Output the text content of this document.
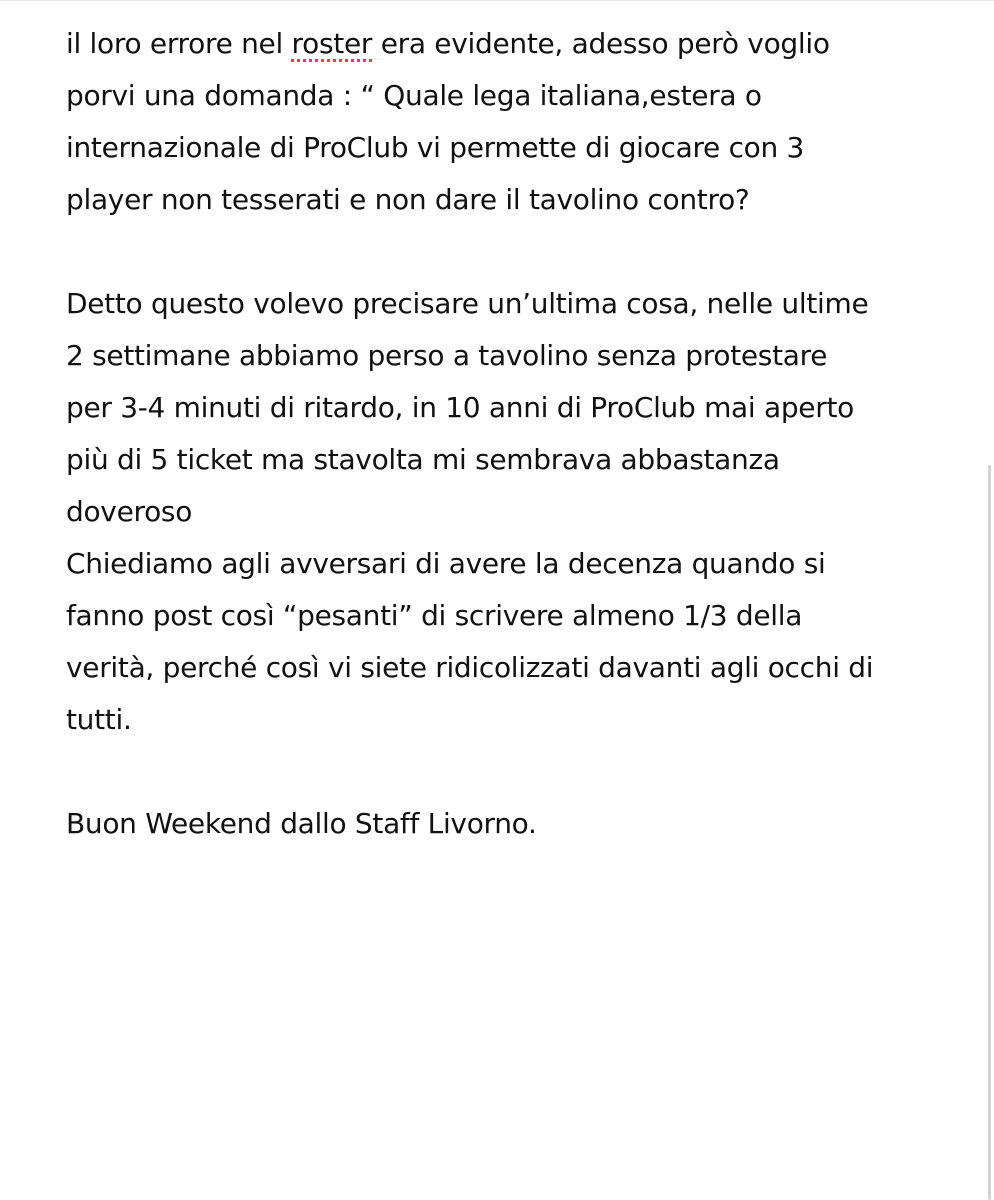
il loro errore nel roster era evidente, adesso però voglio
porvi una domanda : “ Quale lega italiana,estera o
internazionale di ProClub vi permette di giocare con 3
player non tesserati e non dare il tavolino contro?
Detto questo volevo precisare un’ultima cosa, nelle ultime
2 settimane abbiamo perso a tavolino senza protestare
per 3-4 minuti di ritardo, in 10 anni di ProClub mai aperto
più di 5 ticket ma stavolta mi sembrava abbastanza
doveroso
Chiediamo agli avversari di avere la decenza quando si
fanno post così “pesanti” di scrivere almeno 1/3 della
verità, perché così vi siete ridicolizzati davanti agli occhi di
tutti.
Buon Weekend dallo Staff Livorno.
